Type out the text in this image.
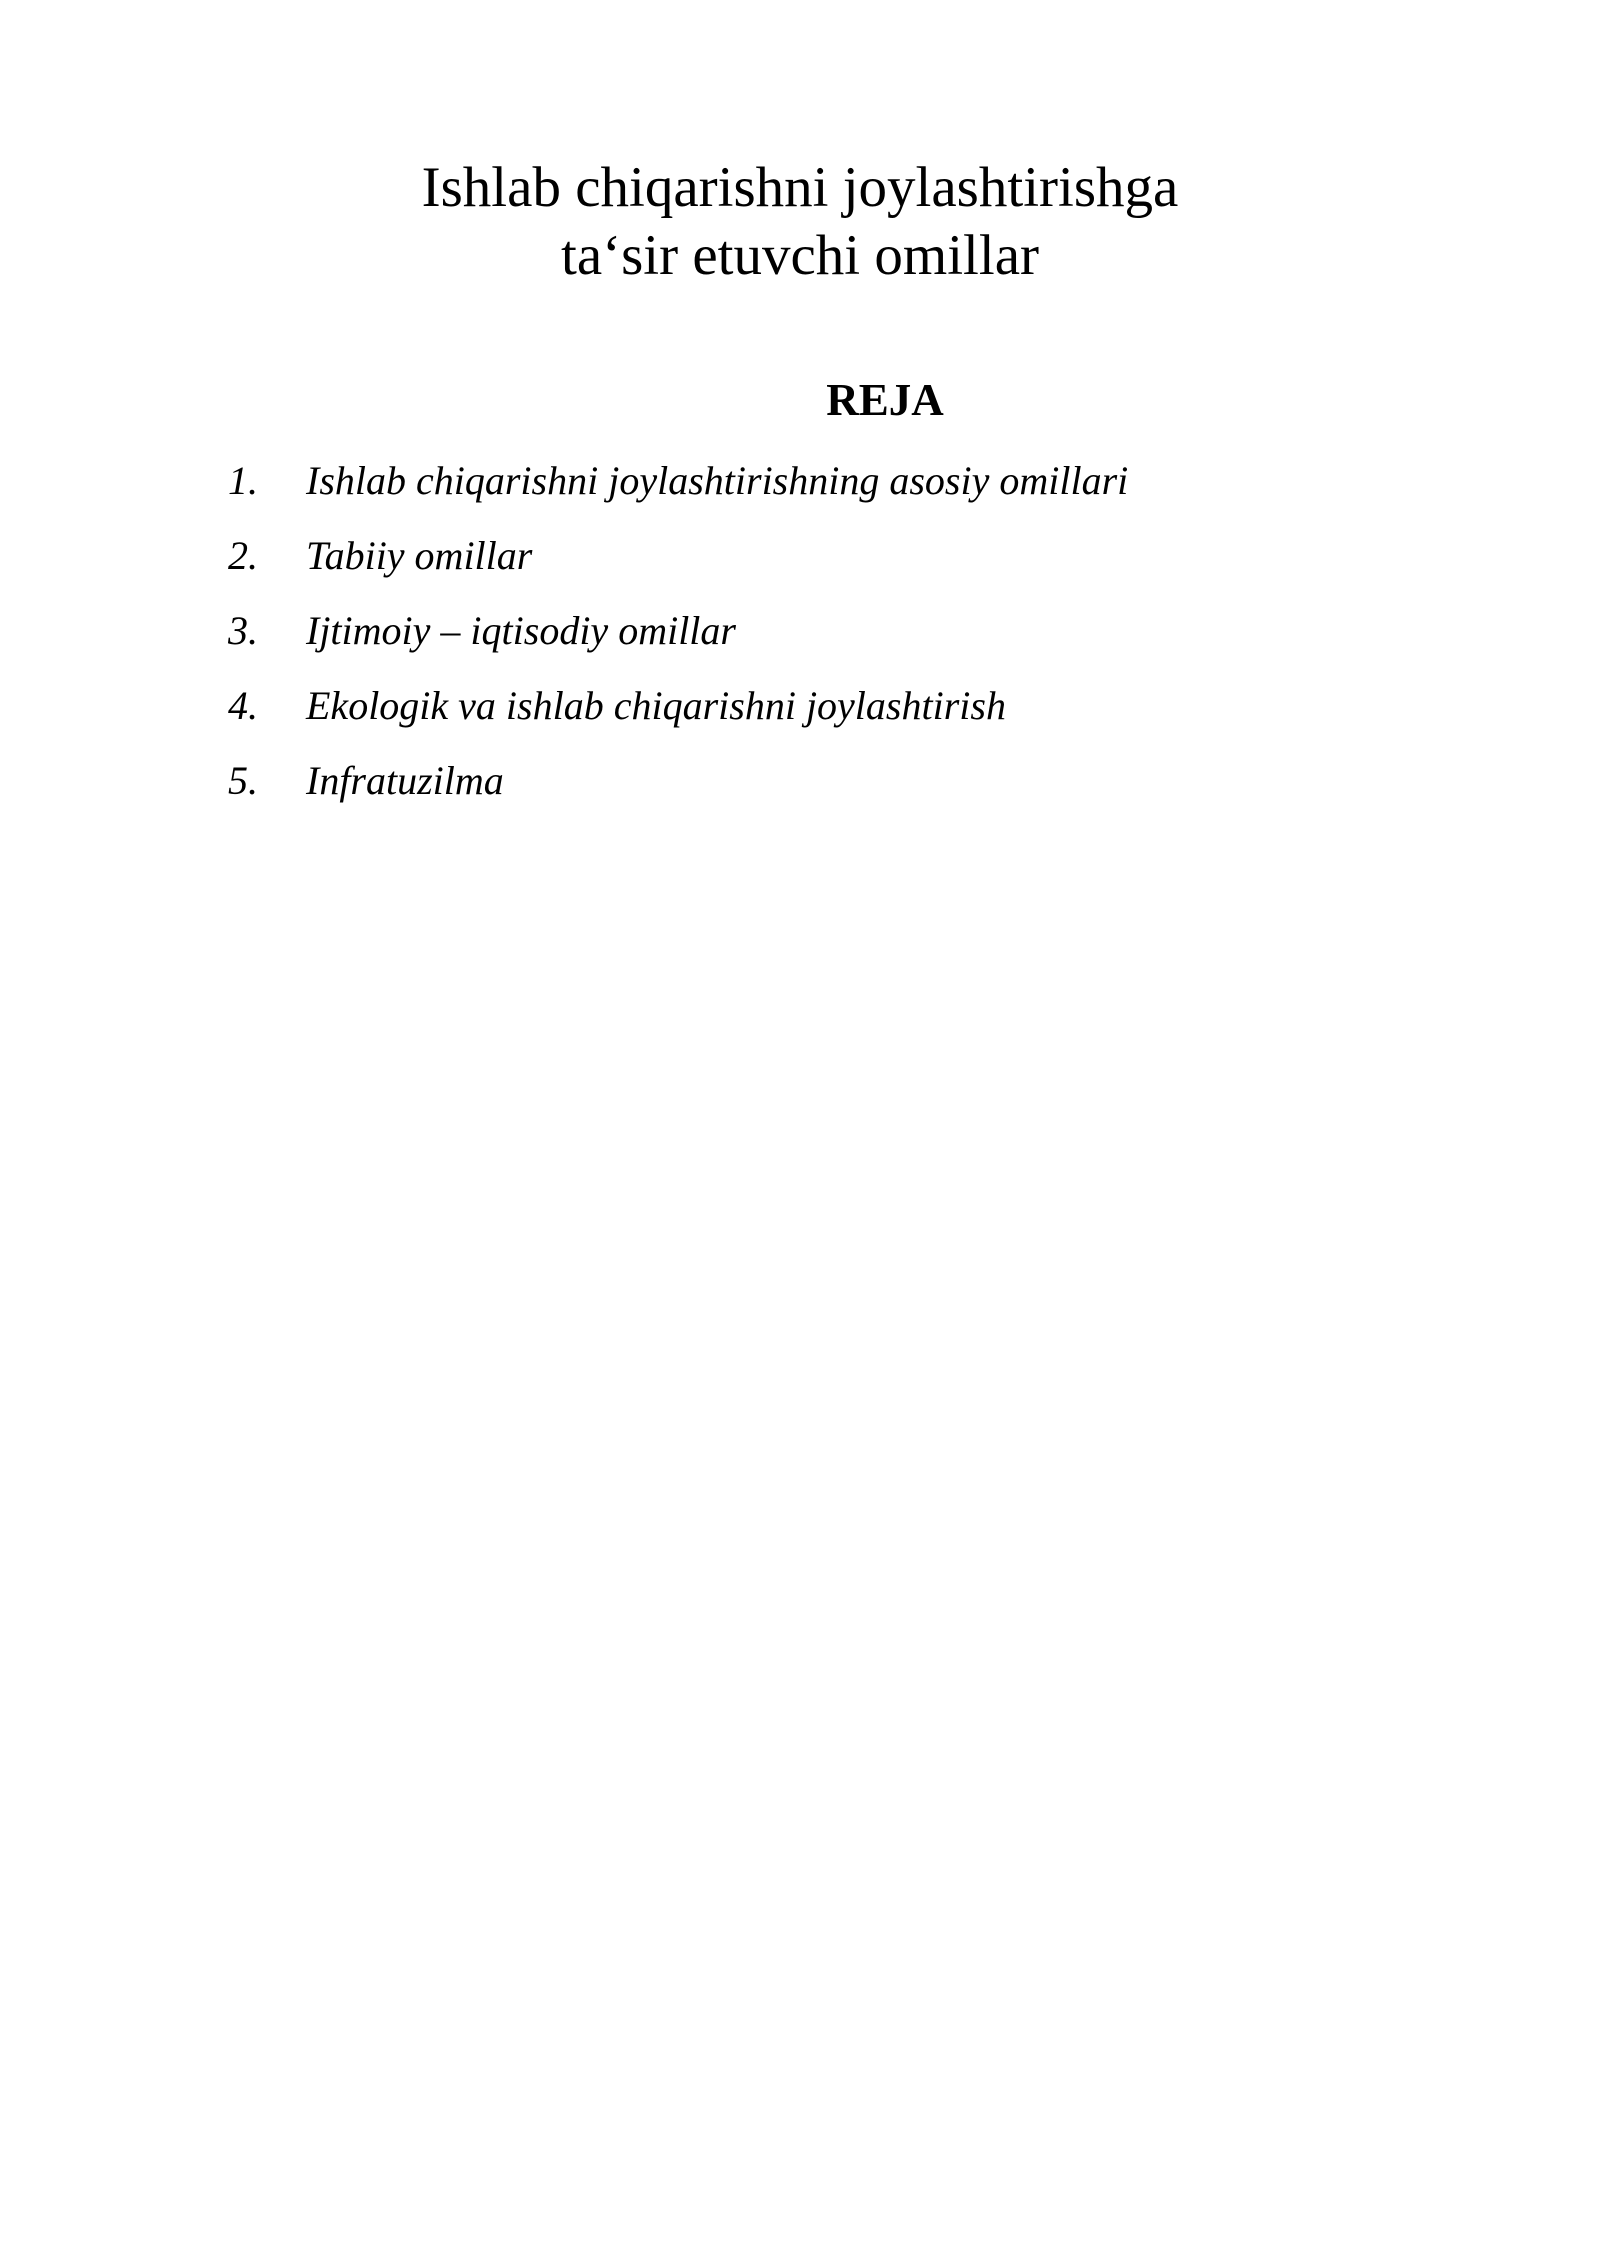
Ishlab chiqarishni joylashtirishga
ta‘sir etuvchi omillar
REJA
1.	Ishlab chiqarishni joylashtirishning asosiy omillari
2.	Tabiiy omillar
3.	Ijtimoiy – iqtisodiy omillar
4.	Ekologik va ishlab chiqarishni joylashtirish
5.	Infratuzilma
